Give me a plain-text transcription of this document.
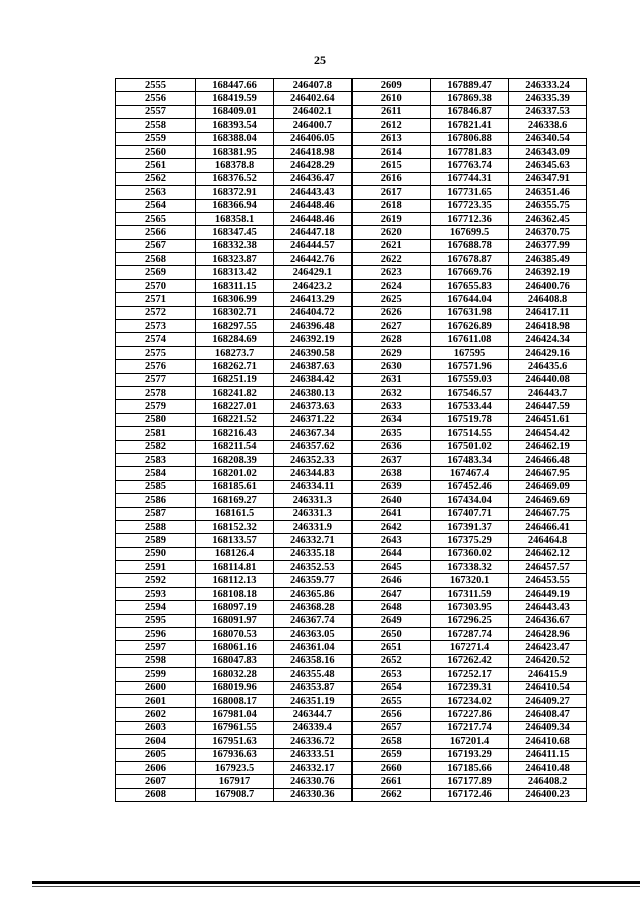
25
2555	168447.66	246407.8	2609	167889.47	246333.24
2556	168419.59	246402.64	2610	167869.38	246335.39
2557	168409.01	246402.1	2611	167846.87	246337.53
2558	168393.54	246400.7	2612	167821.41	246338.6
2559	168388.04	246406.05	2613	167806.88	246340.54
2560	168381.95	246418.98	2614	167781.83	246343.09
2561	168378.8	246428.29	2615	167763.74	246345.63
2562	168376.52	246436.47	2616	167744.31	246347.91
2563	168372.91	246443.43	2617	167731.65	246351.46
2564	168366.94	246448.46	2618	167723.35	246355.75
2565	168358.1	246448.46	2619	167712.36	246362.45
2566	168347.45	246447.18	2620	167699.5	246370.75
2567	168332.38	246444.57	2621	167688.78	246377.99
2568	168323.87	246442.76	2622	167678.87	246385.49
2569	168313.42	246429.1	2623	167669.76	246392.19
2570	168311.15	246423.2	2624	167655.83	246400.76
2571	168306.99	246413.29	2625	167644.04	246408.8
2572	168302.71	246404.72	2626	167631.98	246417.11
2573	168297.55	246396.48	2627	167626.89	246418.98
2574	168284.69	246392.19	2628	167611.08	246424.34
2575	168273.7	246390.58	2629	167595	246429.16
2576	168262.71	246387.63	2630	167571.96	246435.6
2577	168251.19	246384.42	2631	167559.03	246440.08
2578	168241.82	246380.13	2632	167546.57	246443.7
2579	168227.01	246373.63	2633	167533.44	246447.59
2580	168221.52	246371.22	2634	167519.78	246451.61
2581	168216.43	246367.34	2635	167514.55	246454.42
2582	168211.54	246357.62	2636	167501.02	246462.19
2583	168208.39	246352.33	2637	167483.34	246466.48
2584	168201.02	246344.83	2638	167467.4	246467.95
2585	168185.61	246334.11	2639	167452.46	246469.09
2586	168169.27	246331.3	2640	167434.04	246469.69
2587	168161.5	246331.3	2641	167407.71	246467.75
2588	168152.32	246331.9	2642	167391.37	246466.41
2589	168133.57	246332.71	2643	167375.29	246464.8
2590	168126.4	246335.18	2644	167360.02	246462.12
2591	168114.81	246352.53	2645	167338.32	246457.57
2592	168112.13	246359.77	2646	167320.1	246453.55
2593	168108.18	246365.86	2647	167311.59	246449.19
2594	168097.19	246368.28	2648	167303.95	246443.43
2595	168091.97	246367.74	2649	167296.25	246436.67
2596	168070.53	246363.05	2650	167287.74	246428.96
2597	168061.16	246361.04	2651	167271.4	246423.47
2598	168047.83	246358.16	2652	167262.42	246420.52
2599	168032.28	246355.48	2653	167252.17	246415.9
2600	168019.96	246353.87	2654	167239.31	246410.54
2601	168008.17	246351.19	2655	167234.02	246409.27
2602	167981.04	246344.7	2656	167227.86	246408.47
2603	167961.55	246339.4	2657	167217.74	246409.34
2604	167951.63	246336.72	2658	167201.4	246410.68
2605	167936.63	246333.51	2659	167193.29	246411.15
2606	167923.5	246332.17	2660	167185.66	246410.48
2607	167917	246330.76	2661	167177.89	246408.2
2608	167908.7	246330.36	2662	167172.46	246400.23
